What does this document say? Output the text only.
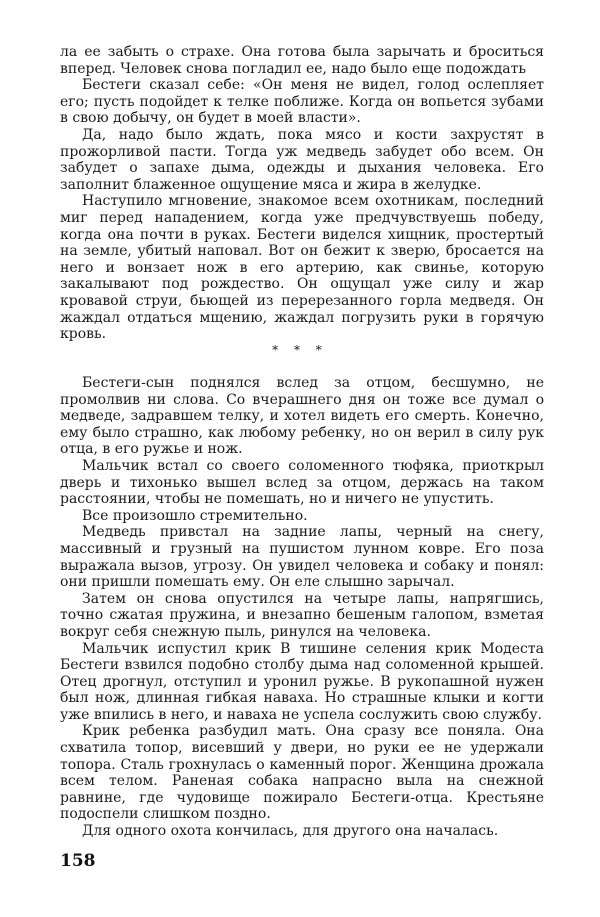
ла ее забыть о страхе. Она готова была зарычать и броситься вперед. Человек снова погладил ее, надо было еще подождать

Бестеги сказал себе: «Он меня не видел, голод ослепляет его; пусть подойдет к телке поближе. Когда он вопьется зубами в свою добычу, он будет в моей власти».

Да, надо было ждать, пока мясо и кости захрустят в прожорливой пасти. Тогда уж медведь забудет обо всем. Он забудет о запахе дыма, одежды и дыхания человека. Его заполнит блаженное ощущение мяса и жира в желудке.

Наступило мгновение, знакомое всем охотникам, последний миг перед нападением, когда уже предчувствуешь победу, когда она почти в руках. Бестеги виделся хищник, простертый на земле, убитый наповал. Вот он бежит к зверю, бросается на него и вонзает нож в его артерию, как свинье, которую закалывают под рождество. Он ощущал уже силу и жар кровавой струи, бьющей из перерезанного горла медведя. Он жаждал отдаться мщению, жаждал погрузить руки в горячую кровь.

* * *

Бестеги-сын поднялся вслед за отцом, бесшумно, не промолвив ни слова. Со вчерашнего дня он тоже все думал о медведе, задравшем телку, и хотел видеть его смерть. Конечно, ему было страшно, как любому ребенку, но он верил в силу рук отца, в его ружье и нож.

Мальчик встал со своего соломенного тюфяка, приоткрыл дверь и тихонько вышел вслед за отцом, держась на таком расстоянии, чтобы не помешать, но и ничего не упустить.

Все произошло стремительно.

Медведь привстал на задние лапы, черный на снегу, массивный и грузный на пушистом лунном ковре. Его поза выражала вызов, угрозу. Он увидел человека и собаку и понял: они пришли помешать ему. Он еле слышно зарычал.

Затем он снова опустился на четыре лапы, напрягшись, точно сжатая пружина, и внезапно бешеным галопом, взметая вокруг себя снежную пыль, ринулся на человека.

Мальчик испустил крик В тишине селения крик Модеста Бестеги взвился подобно столбу дыма над соломенной крышей. Отец дрогнул, отступил и уронил ружье. В рукопашной нужен был нож, длинная гибкая наваха. Но страшные клыки и когти уже впились в него, и наваха не успела сослужить свою службу.

Крик ребенка разбудил мать. Она сразу все поняла. Она схватила топор, висевший у двери, но руки ее не удержали топора. Сталь грохнулась о каменный порог. Женщина дрожала всем телом. Раненая собака напрасно выла на снежной равнине, где чудовище пожирало Бестеги-отца. Крестьяне подоспели слишком поздно.

Для одного охота кончилась, для другого она началась.

158
